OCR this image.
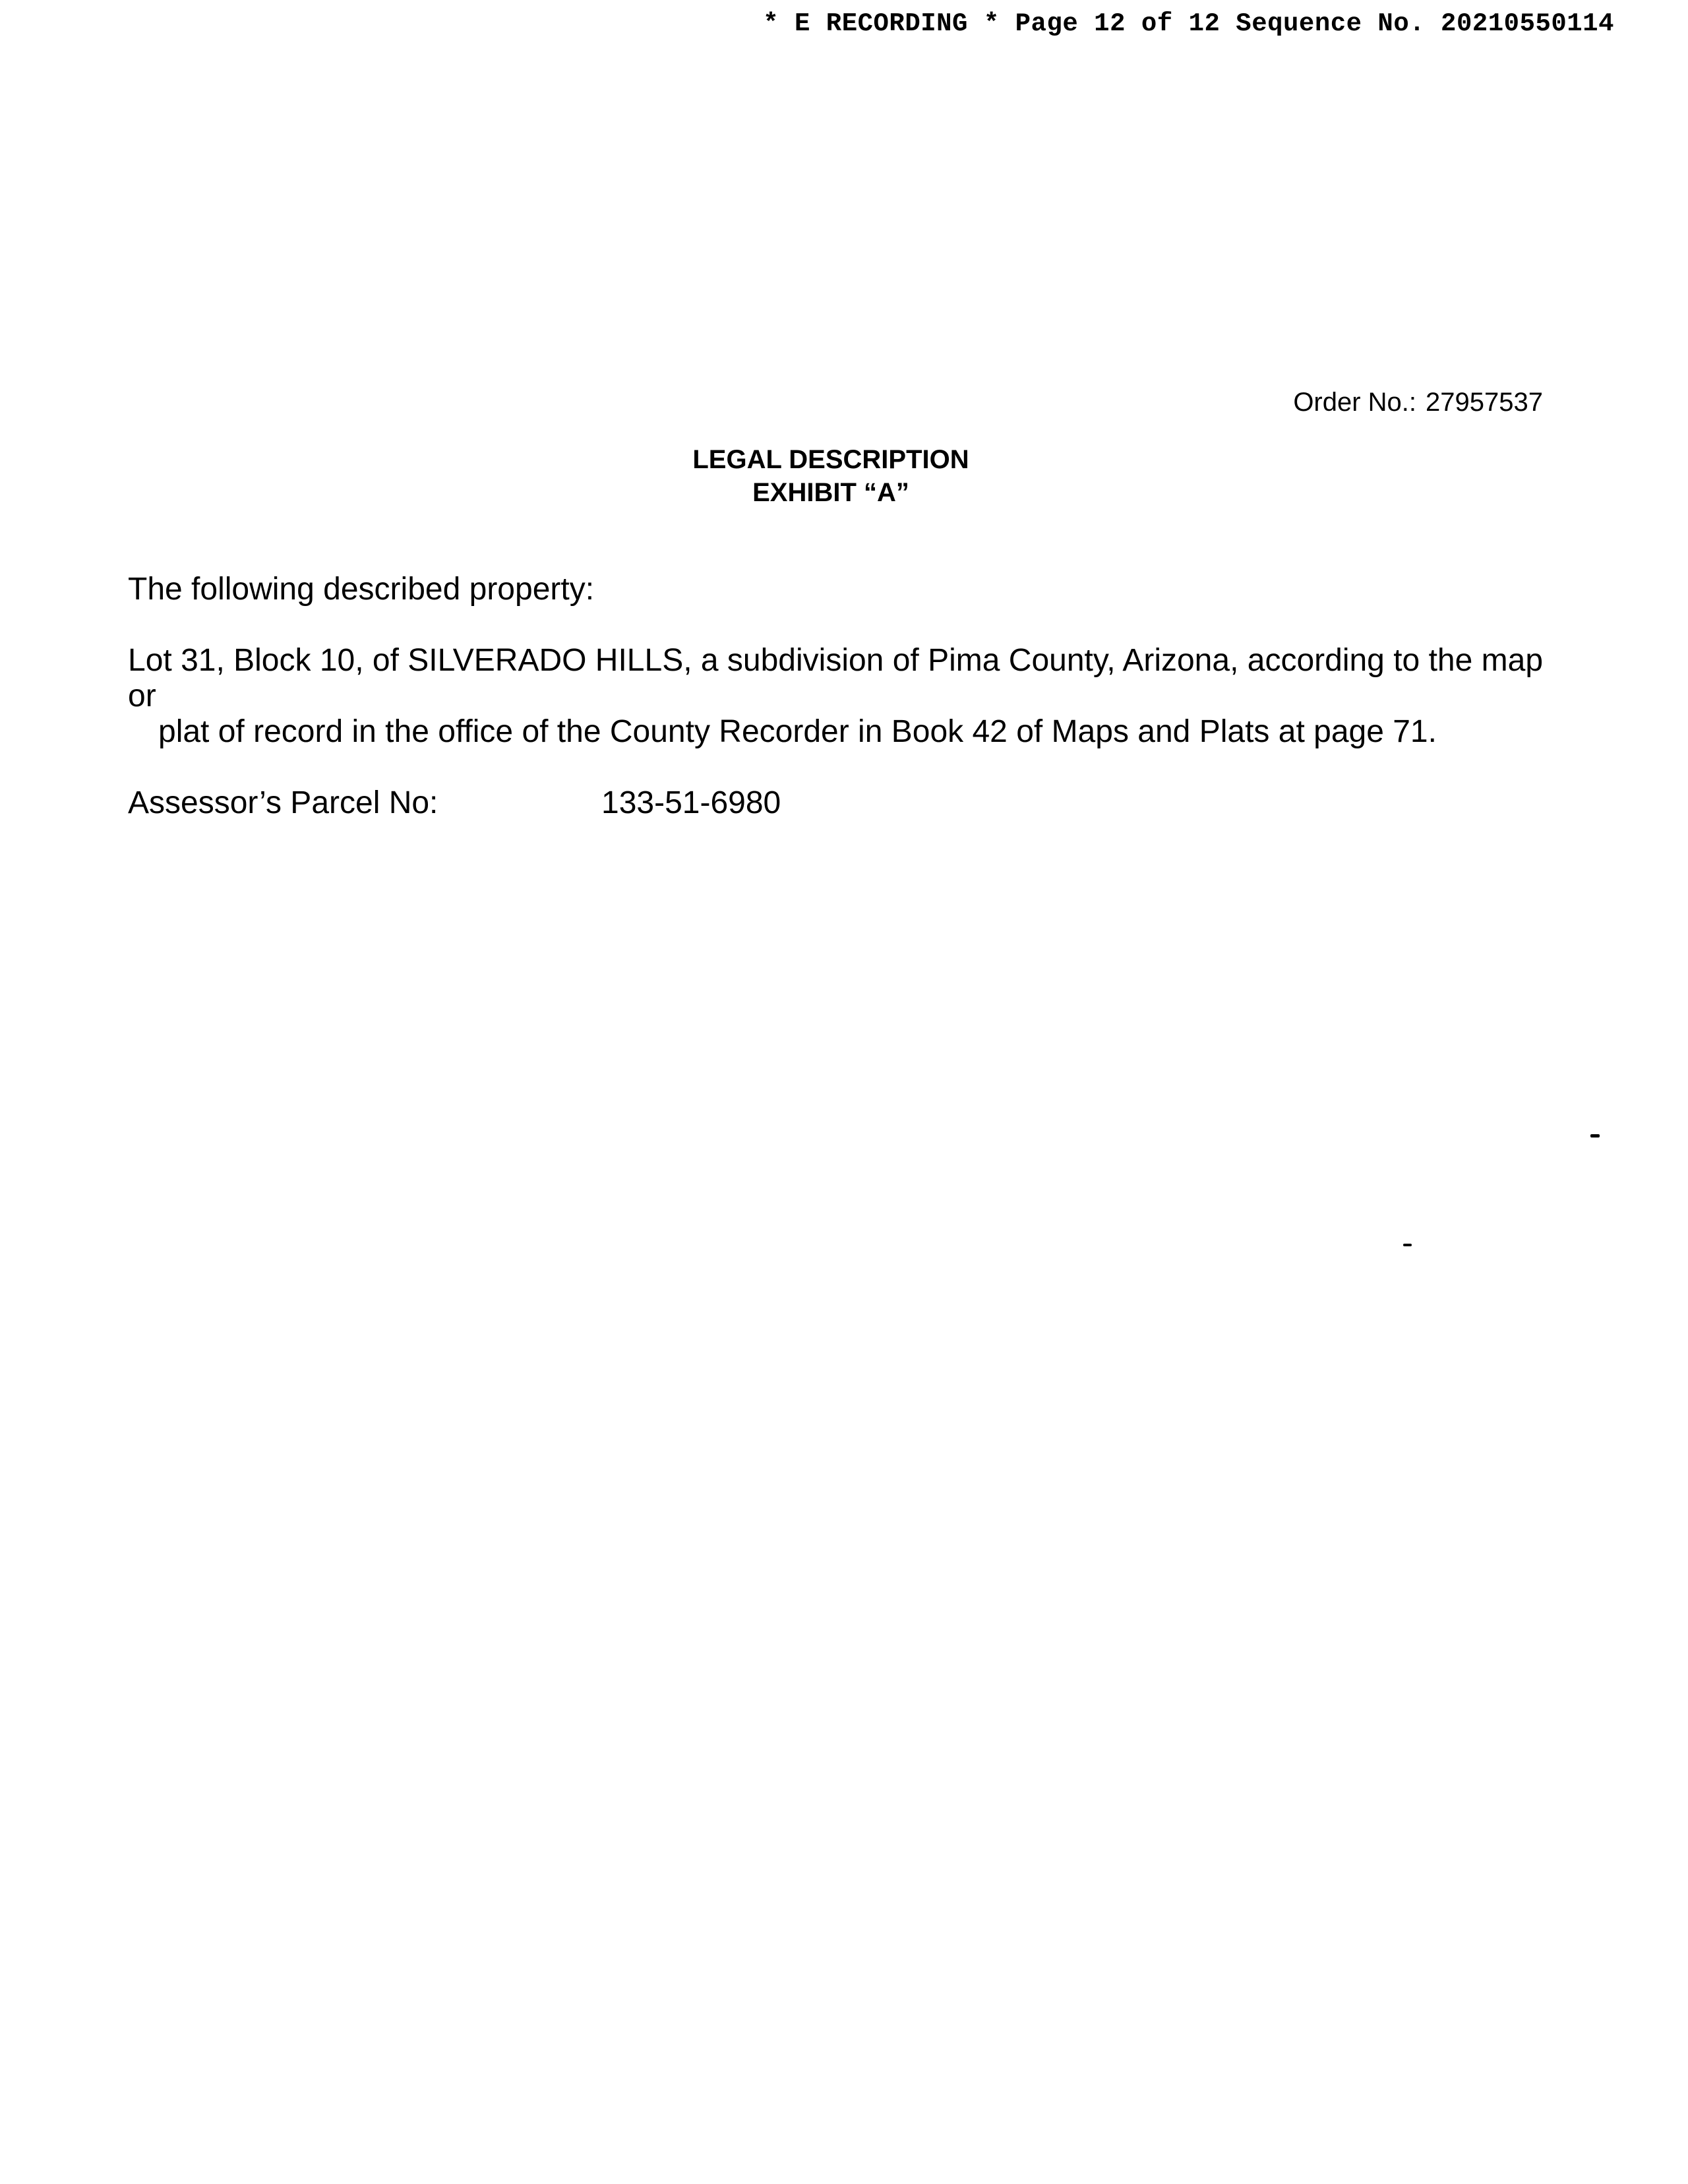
* E RECORDING * Page 12 of 12 Sequence No. 20210550114
Order No.: 27957537
LEGAL DESCRIPTION
EXHIBIT “A”
The following described property:
Lot 31, Block 10, of SILVERADO HILLS, a subdivision of Pima County, Arizona, according to the map
or
plat of record in the office of the County Recorder in Book 42 of Maps and Plats at page 71.
Assessor’s Parcel No:	133-51-6980
